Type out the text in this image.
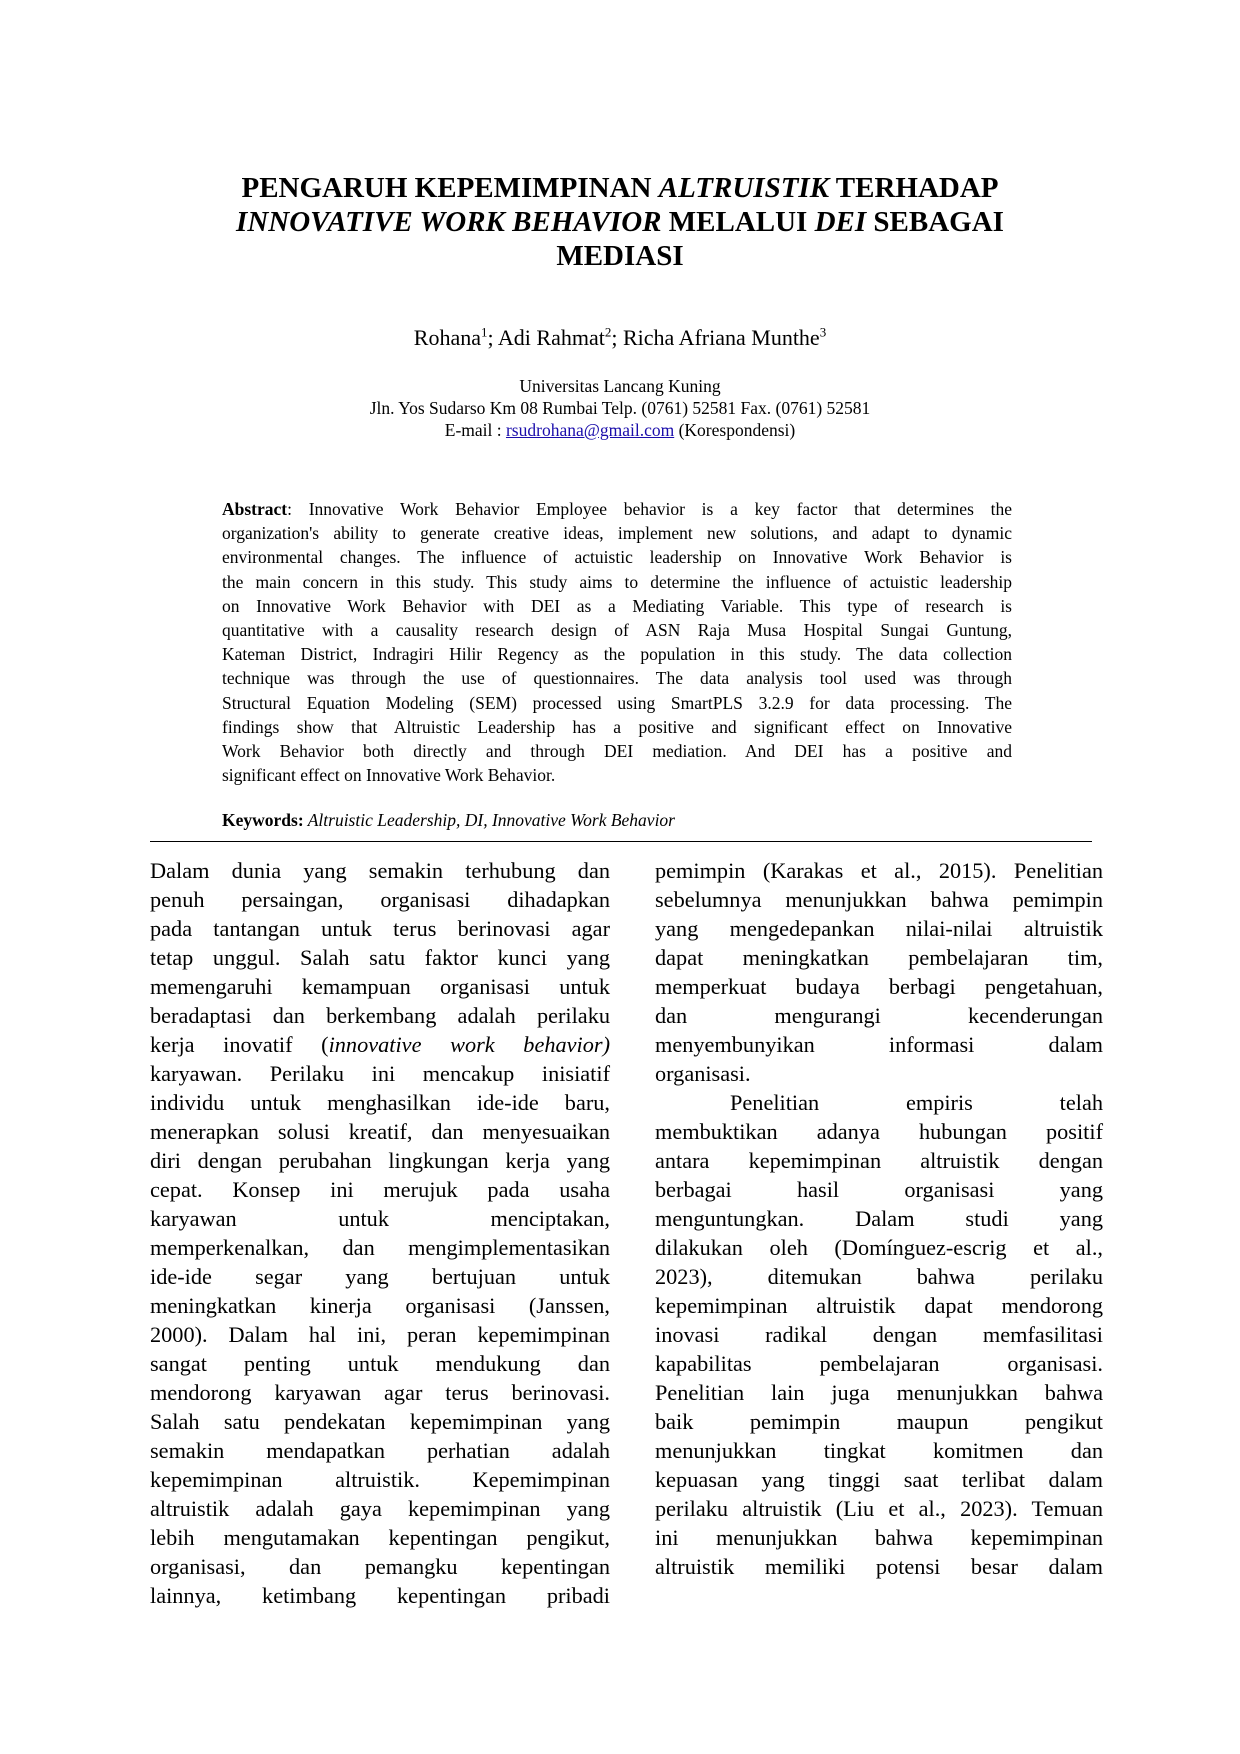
PENGARUH KEPEMIMPINAN ALTRUISTIK TERHADAP
INNOVATIVE WORK BEHAVIOR MELALUI DEI SEBAGAI
MEDIASI
Rohana$^1$; Adi Rahmat$^2$; Richa Afriana Munthe$^3$
Universitas Lancang Kuning
Jln. Yos Sudarso Km 08 Rumbai Telp. (0761) 52581 Fax. (0761) 52581
E-mail : rsudrohana@gmail.com (Korespondensi)
Abstract: Innovative Work Behavior Employee behavior is a key factor that determines the
organization's ability to generate creative ideas, implement new solutions, and adapt to dynamic
environmental changes. The influence of actuistic leadership on Innovative Work Behavior is
the main concern in this study. This study aims to determine the influence of actuistic leadership
on Innovative Work Behavior with DEI as a Mediating Variable. This type of research is
quantitative with a causality research design of ASN Raja Musa Hospital Sungai Guntung,
Kateman District, Indragiri Hilir Regency as the population in this study. The data collection
technique was through the use of questionnaires. The data analysis tool used was through
Structural Equation Modeling (SEM) processed using SmartPLS 3.2.9 for data processing. The
findings show that Altruistic Leadership has a positive and significant effect on Innovative
Work Behavior both directly and through DEI mediation. And DEI has a positive and
significant effect on Innovative Work Behavior.
Keywords: Altruistic Leadership, DI, Innovative Work Behavior
Dalam dunia yang semakin terhubung dan
penuh persaingan, organisasi dihadapkan
pada tantangan untuk terus berinovasi agar
tetap unggul. Salah satu faktor kunci yang
memengaruhi kemampuan organisasi untuk
beradaptasi dan berkembang adalah perilaku
kerja inovatif (innovative work behavior)
karyawan. Perilaku ini mencakup inisiatif
individu untuk menghasilkan ide-ide baru,
menerapkan solusi kreatif, dan menyesuaikan
diri dengan perubahan lingkungan kerja yang
cepat. Konsep ini merujuk pada usaha
karyawan untuk menciptakan,
memperkenalkan, dan mengimplementasikan
ide-ide segar yang bertujuan untuk
meningkatkan kinerja organisasi (Janssen,
2000). Dalam hal ini, peran kepemimpinan
sangat penting untuk mendukung dan
mendorong karyawan agar terus berinovasi.
Salah satu pendekatan kepemimpinan yang
semakin mendapatkan perhatian adalah
kepemimpinan altruistik. Kepemimpinan
altruistik adalah gaya kepemimpinan yang
lebih mengutamakan kepentingan pengikut,
organisasi, dan pemangku kepentingan
lainnya, ketimbang kepentingan pribadi
pemimpin (Karakas et al., 2015). Penelitian
sebelumnya menunjukkan bahwa pemimpin
yang mengedepankan nilai-nilai altruistik
dapat meningkatkan pembelajaran tim,
memperkuat budaya berbagi pengetahuan,
dan mengurangi kecenderungan
menyembunyikan informasi dalam
organisasi.
Penelitian empiris telah
membuktikan adanya hubungan positif
antara kepemimpinan altruistik dengan
berbagai hasil organisasi yang
menguntungkan. Dalam studi yang
dilakukan oleh (Domínguez-escrig et al.,
2023), ditemukan bahwa perilaku
kepemimpinan altruistik dapat mendorong
inovasi radikal dengan memfasilitasi
kapabilitas pembelajaran organisasi.
Penelitian lain juga menunjukkan bahwa
baik pemimpin maupun pengikut
menunjukkan tingkat komitmen dan
kepuasan yang tinggi saat terlibat dalam
perilaku altruistik (Liu et al., 2023). Temuan
ini menunjukkan bahwa kepemimpinan
altruistik memiliki potensi besar dalam
